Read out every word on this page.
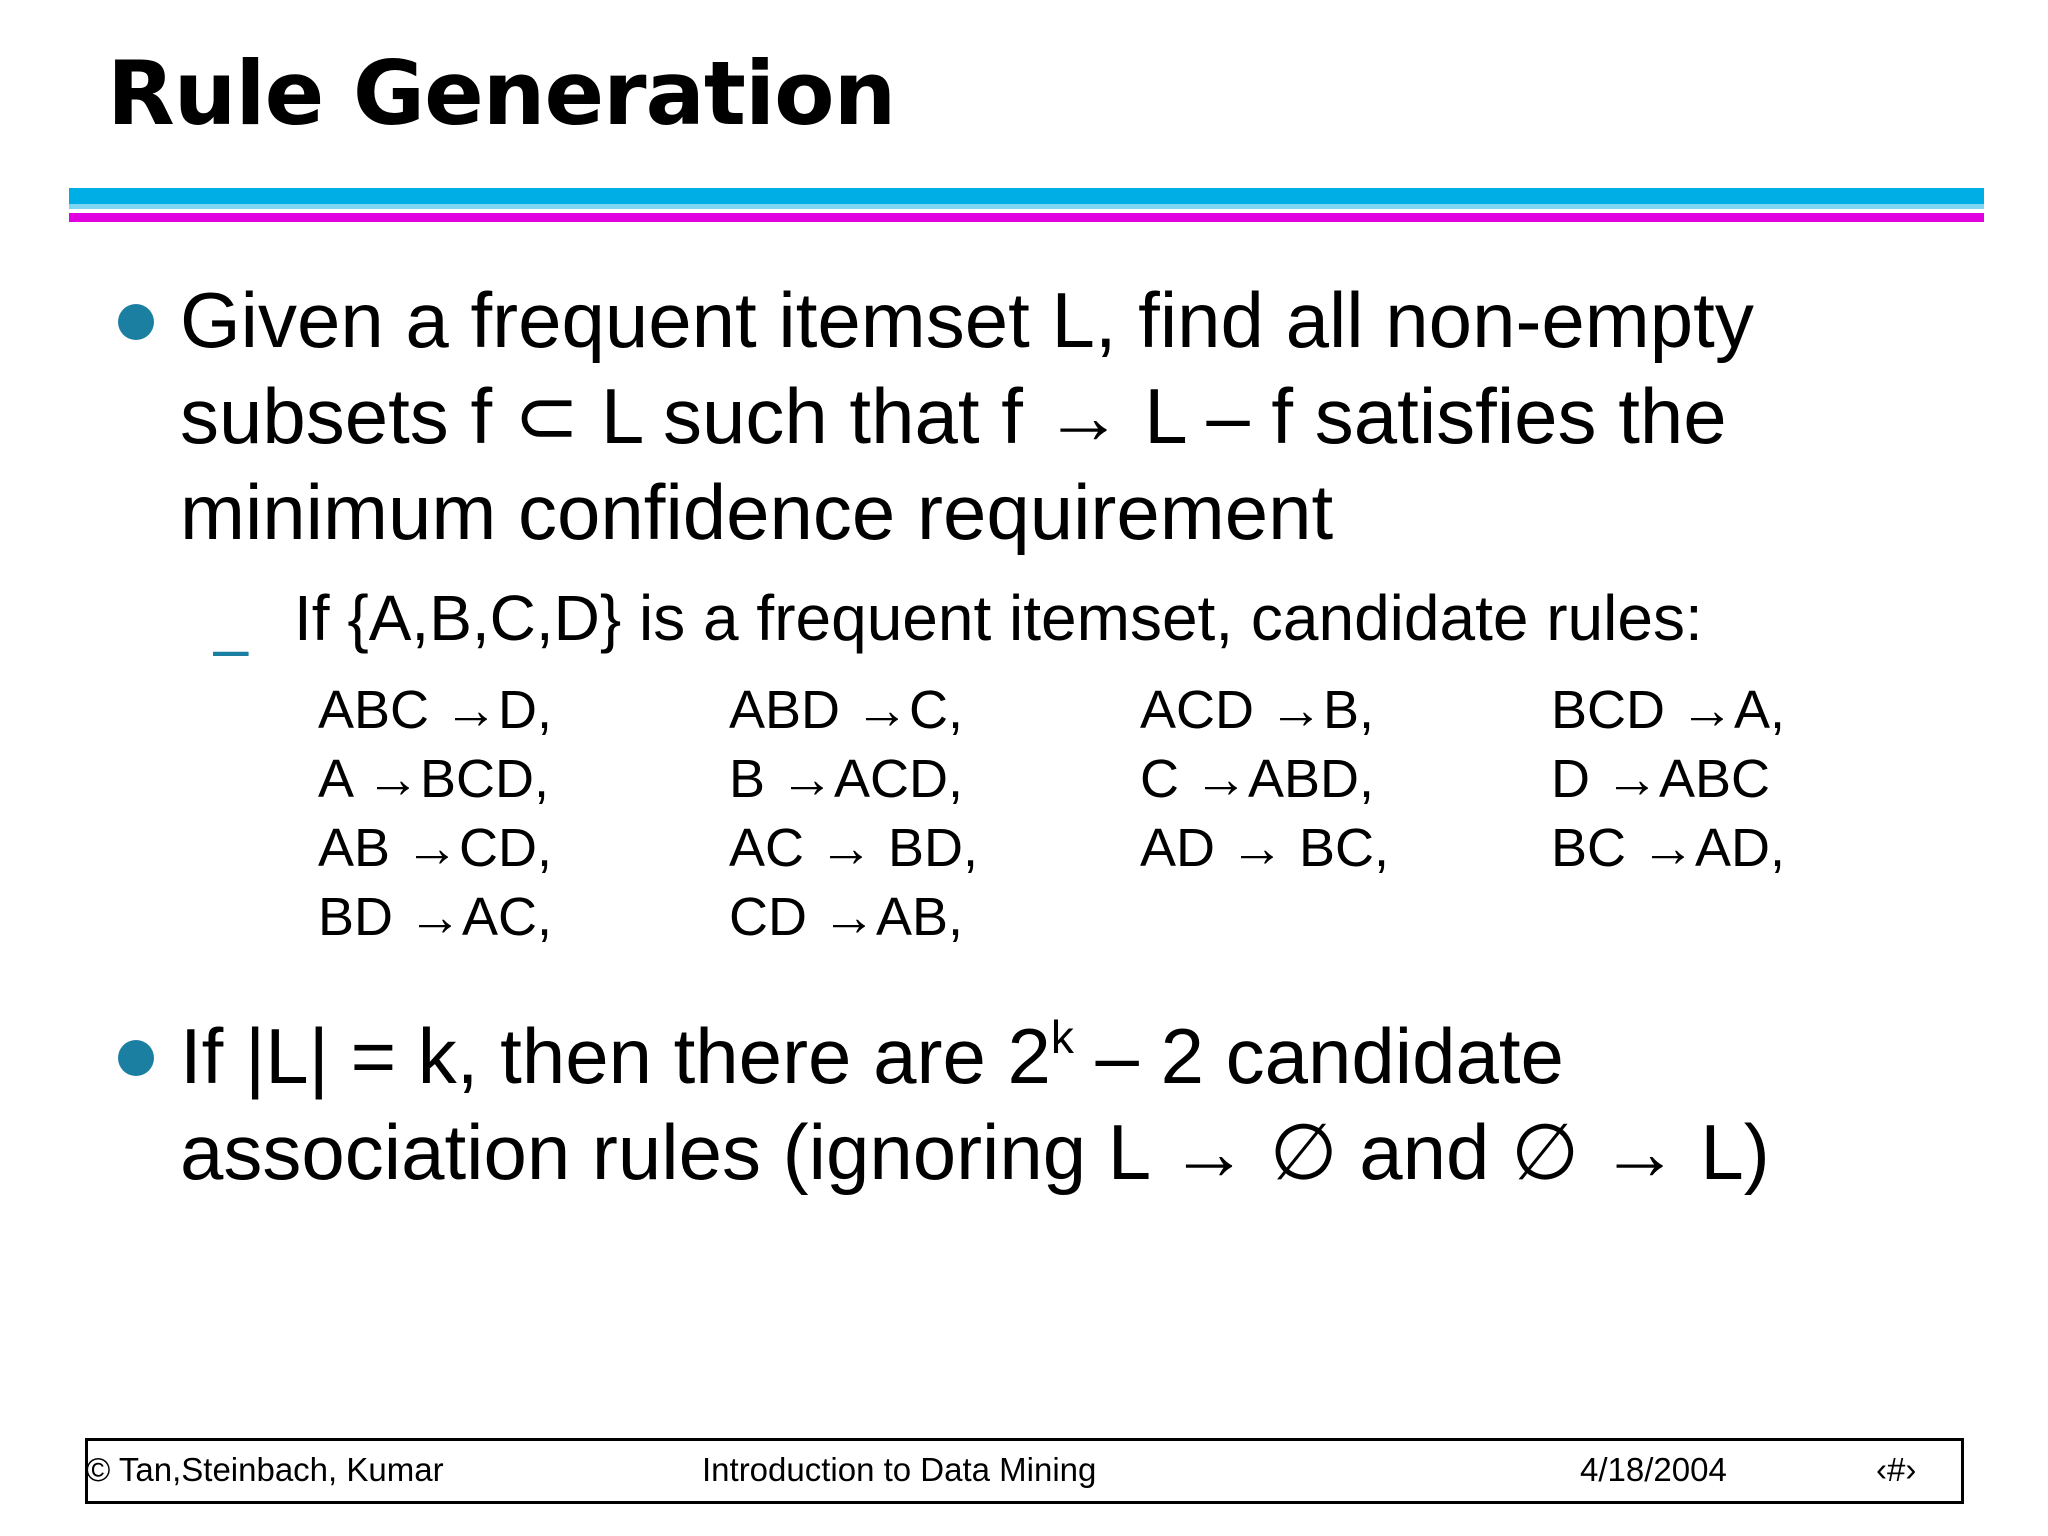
Rule Generation

Given a frequent itemset L, find all non-empty
subsets f ⊂ L such that f → L – f satisfies the
minimum confidence requirement

– If {A,B,C,D} is a frequent itemset, candidate rules:

ABC →D,	ABD →C,	ACD →B,	BCD →A,
A →BCD,	B →ACD,	C →ABD,	D →ABC
AB →CD,	AC → BD,	AD → BC,	BC →AD,
BD →AC,	CD →AB,

If |L| = k, then there are 2$^k$ – 2 candidate
association rules (ignoring L → ∅ and ∅ → L)

© Tan,Steinbach, Kumar	Introduction to Data Mining	4/18/2004	‹#›
